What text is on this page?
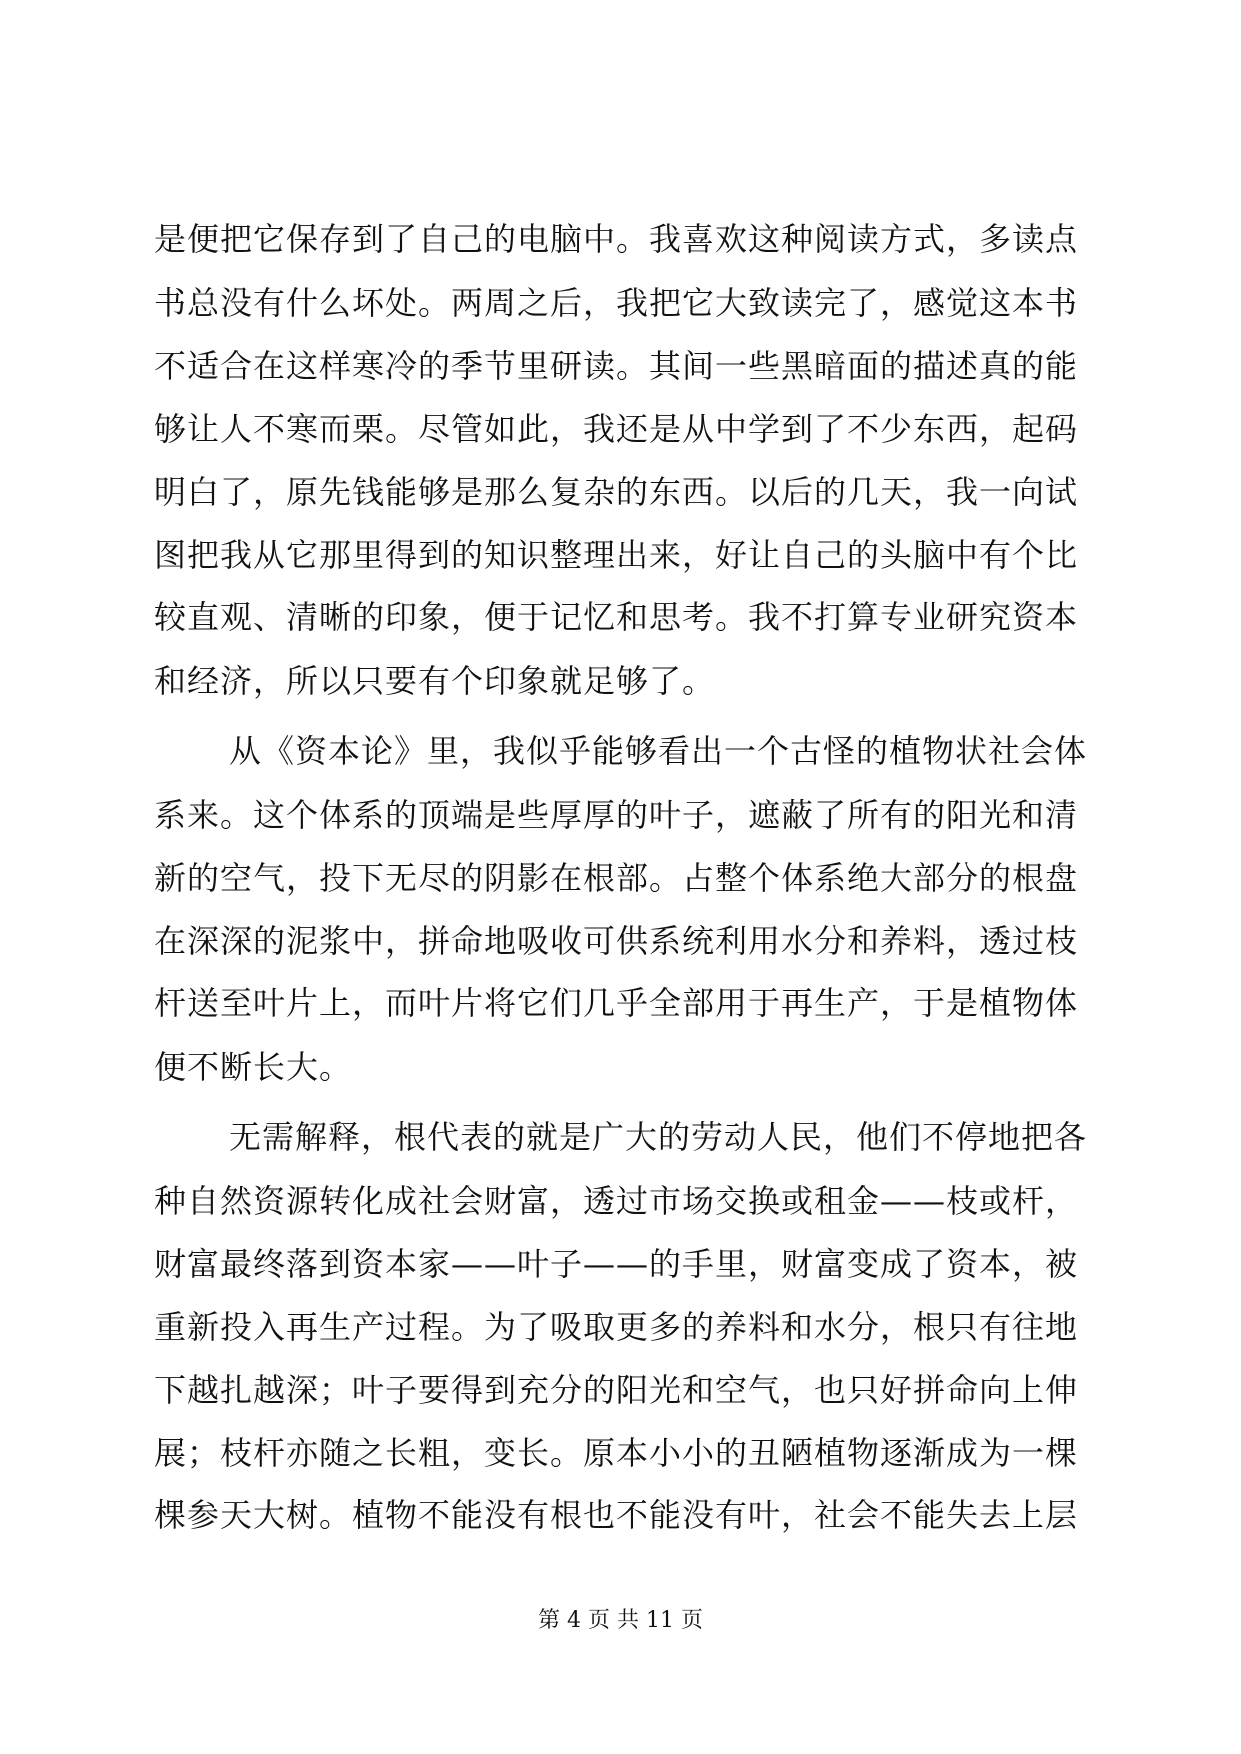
是便把它保存到了自己的电脑中。我喜欢这种阅读方式，多读点
书总没有什么坏处。两周之后，我把它大致读完了，感觉这本书
不适合在这样寒冷的季节里研读。其间一些黑暗面的描述真的能
够让人不寒而栗。尽管如此，我还是从中学到了不少东西，起码
明白了，原先钱能够是那么复杂的东西。以后的几天，我一向试
图把我从它那里得到的知识整理出来，好让自己的头脑中有个比
较直观、清晰的印象，便于记忆和思考。我不打算专业研究资本
和经济，所以只要有个印象就足够了。
从《资本论》里，我似乎能够看出一个古怪的植物状社会体
系来。这个体系的顶端是些厚厚的叶子，遮蔽了所有的阳光和清
新的空气，投下无尽的阴影在根部。占整个体系绝大部分的根盘
在深深的泥浆中，拼命地吸收可供系统利用水分和养料，透过枝
杆送至叶片上，而叶片将它们几乎全部用于再生产，于是植物体
便不断长大。
无需解释，根代表的就是广大的劳动人民，他们不停地把各
种自然资源转化成社会财富，透过市场交换或租金——枝或杆，
财富最终落到资本家——叶子——的手里，财富变成了资本，被
重新投入再生产过程。为了吸取更多的养料和水分，根只有往地
下越扎越深；叶子要得到充分的阳光和空气，也只好拼命向上伸
展；枝杆亦随之长粗，变长。原本小小的丑陋植物逐渐成为一棵
棵参天大树。植物不能没有根也不能没有叶，社会不能失去上层
第 4 页 共 11 页
